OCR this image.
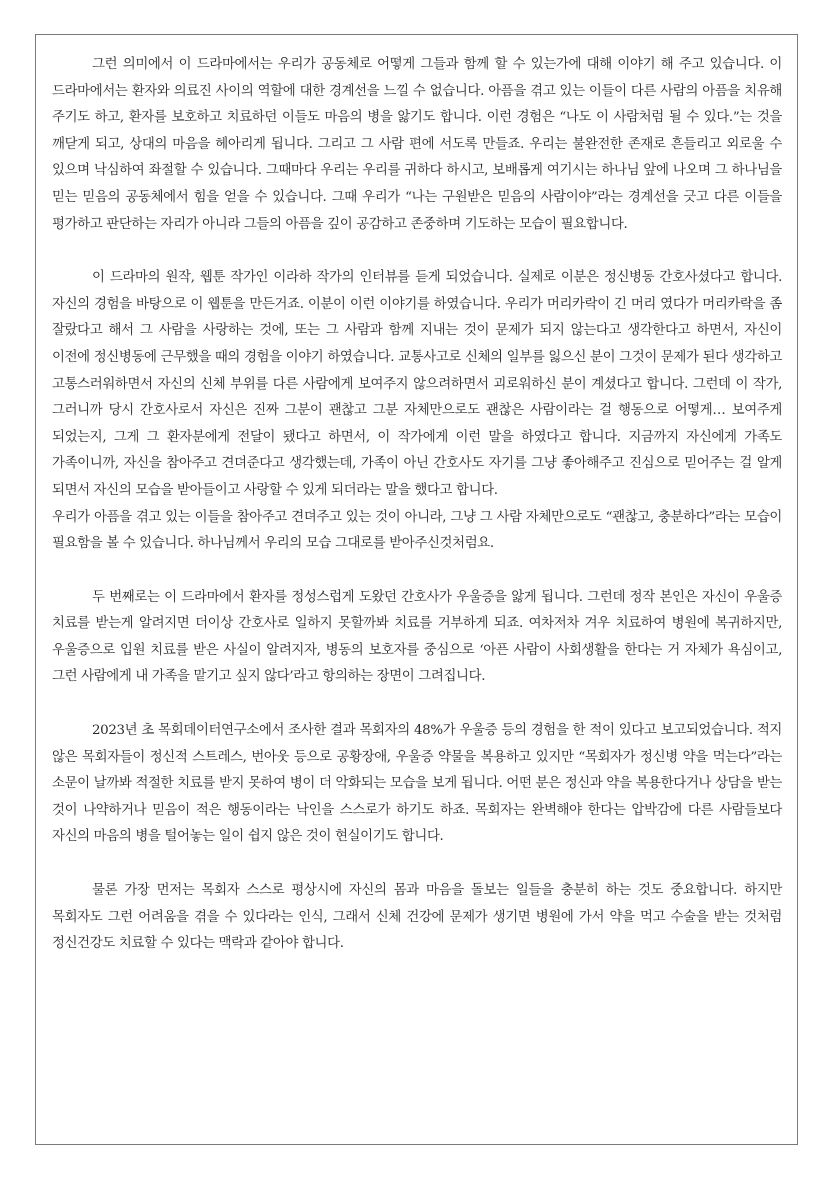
그런 의미에서 이 드라마에서는 우리가 공동체로 어떻게 그들과 함께 할 수 있는가에 대해 이야기 해 주고 있습니다. 이 드라마에서는 환자와 의료진 사이의 역할에 대한 경계선을 느낄 수 없습니다. 아픔을 겪고 있는 이들이 다른 사람의 아픔을 치유해 주기도 하고, 환자를 보호하고 치료하던 이들도 마음의 병을 앓기도 합니다. 이런 경험은 “나도 이 사람처럼 될 수 있다.”는 것을 깨닫게 되고, 상대의 마음을 헤아리게 됩니다. 그리고 그 사람 편에 서도록 만들죠. 우리는 불완전한 존재로 흔들리고 외로울 수 있으며 낙심하여 좌절할 수 있습니다. 그때마다 우리는 우리를 귀하다 하시고, 보배롭게 여기시는 하나님 앞에 나오며 그 하나님을 믿는 믿음의 공동체에서 힘을 얻을 수 있습니다. 그때 우리가 “나는 구원받은 믿음의 사람이야”라는 경계선을 긋고 다른 이들을 평가하고 판단하는 자리가 아니라 그들의 아픔을 깊이 공감하고 존중하며 기도하는 모습이 필요합니다.

이 드라마의 원작, 웹툰 작가인 이라하 작가의 인터뷰를 듣게 되었습니다. 실제로 이분은 정신병동 간호사셨다고 합니다. 자신의 경험을 바탕으로 이 웹툰을 만든거죠. 이분이 이런 이야기를 하였습니다. 우리가 머리카락이 긴 머리 였다가 머리카락을 좀 잘랐다고 해서 그 사람을 사랑하는 것에, 또는 그 사람과 함께 지내는 것이 문제가 되지 않는다고 생각한다고 하면서, 자신이 이전에 정신병동에 근무했을 때의 경험을 이야기 하였습니다. 교통사고로 신체의 일부를 잃으신 분이 그것이 문제가 된다 생각하고 고통스러워하면서 자신의 신체 부위를 다른 사람에게 보여주지 않으려하면서 괴로워하신 분이 계셨다고 합니다. 그런데 이 작가, 그러니까 당시 간호사로서 자신은 진짜 그분이 괜찮고 그분 자체만으로도 괜찮은 사람이라는 걸 행동으로 어떻게… 보여주게 되었는지, 그게 그 환자분에게 전달이 됐다고 하면서, 이 작가에게 이런 말을 하였다고 합니다. 지금까지 자신에게 가족도 가족이니까, 자신을 참아주고 견뎌준다고 생각했는데, 가족이 아닌 간호사도 자기를 그냥 좋아해주고 진심으로 믿어주는 걸 알게 되면서 자신의 모습을 받아들이고 사랑할 수 있게 되더라는 말을 했다고 합니다.

우리가 아픔을 겪고 있는 이들을 참아주고 견뎌주고 있는 것이 아니라, 그냥 그 사람 자체만으로도 “괜찮고, 충분하다”라는 모습이 필요함을 볼 수 있습니다. 하나님께서 우리의 모습 그대로를 받아주신것처럼요.

두 번째로는 이 드라마에서 환자를 정성스럽게 도왔던 간호사가 우울증을 앓게 됩니다. 그런데 정작 본인은 자신이 우울증 치료를 받는게 알려지면 더이상 간호사로 일하지 못할까봐 치료를 거부하게 되죠. 여차저차 겨우 치료하여 병원에 복귀하지만, 우울증으로 입원 치료를 받은 사실이 알려지자, 병동의 보호자를 중심으로 ‘아픈 사람이 사회생활을 한다는 거 자체가 욕심이고, 그런 사람에게 내 가족을 맡기고 싶지 않다’라고 항의하는 장면이 그려집니다.

2023년 초 목회데이터연구소에서 조사한 결과 목회자의 48%가 우울증 등의 경험을 한 적이 있다고 보고되었습니다. 적지 않은 목회자들이 정신적 스트레스, 번아웃 등으로 공황장애, 우울증 약물을 복용하고 있지만 “목회자가 정신병 약을 먹는다”라는 소문이 날까봐 적절한 치료를 받지 못하여 병이 더 악화되는 모습을 보게 됩니다. 어떤 분은 정신과 약을 복용한다거나 상담을 받는 것이 나약하거나 믿음이 적은 행동이라는 낙인을 스스로가 하기도 하죠. 목회자는 완벽해야 한다는 압박감에 다른 사람들보다 자신의 마음의 병을 털어놓는 일이 쉽지 않은 것이 현실이기도 합니다.

물론 가장 먼저는 목회자 스스로 평상시에 자신의 몸과 마음을 돌보는 일들을 충분히 하는 것도 중요합니다. 하지만 목회자도 그런 어려움을 겪을 수 있다라는 인식, 그래서 신체 건강에 문제가 생기면 병원에 가서 약을 먹고 수술을 받는 것처럼 정신건강도 치료할 수 있다는 맥락과 같아야 합니다.
